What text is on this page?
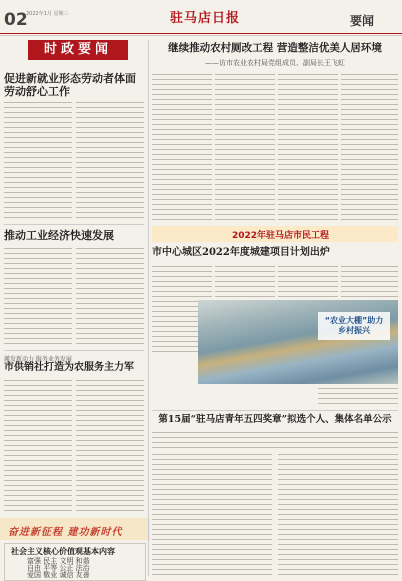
02
2022年1月 星期三	驻马店日报	要闻
时政要闻
促进新就业形态劳动者体面劳动舒心工作
推动工业经济快速发展
激发新动力 服务业务发展
市供销社打造为农服务主力军
奋进新征程 建功新时代
社会主义核心价值观基本内容
富强 民主 文明 和谐
自由 平等 公正 法治
爱国 敬业 诚信 友善
继续推动农村厕改工程 营造整洁优美人居环境
——访市农业农村局党组成员、副局长王飞虹
2022年驻马店市民工程
市中心城区2022年度城建项目计划出炉
“农业大棚”助力乡村振兴
第15届“驻马店青年五四奖章”拟选个人、集体名单公示
